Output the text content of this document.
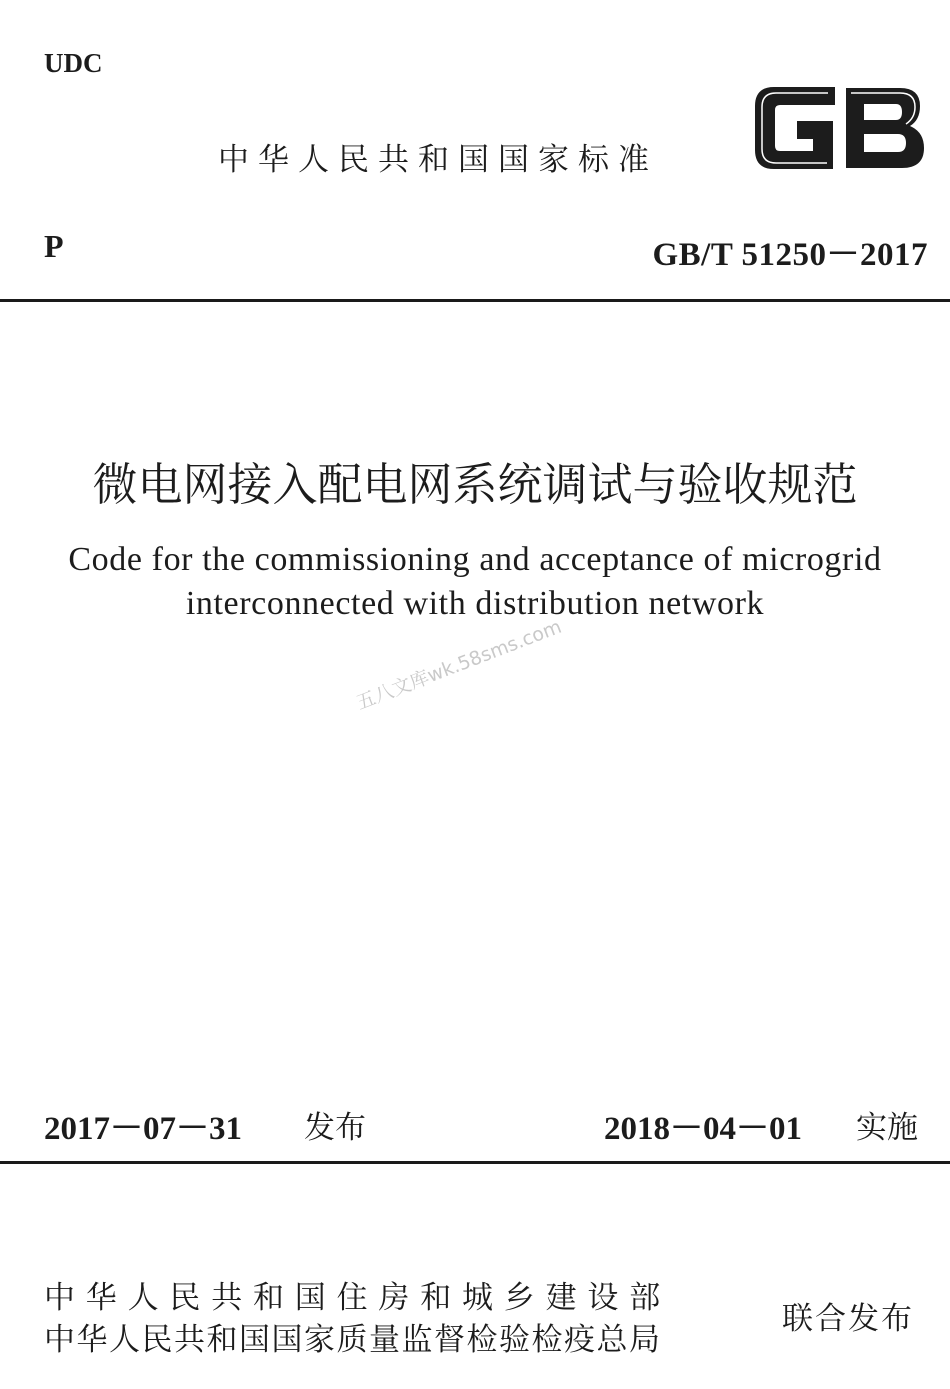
UDC
中华人民共和国国家标准
P	GB/T 51250－2017
微电网接入配电网系统调试与验收规范
Code for the commissioning and acceptance of microgrid
interconnected with distribution network
五八文库wk.58sms.com
2017－07－31 发布	2018－04－01 实施
中华人民共和国住房和城乡建设部
中华人民共和国国家质量监督检验检疫总局
联合发布
